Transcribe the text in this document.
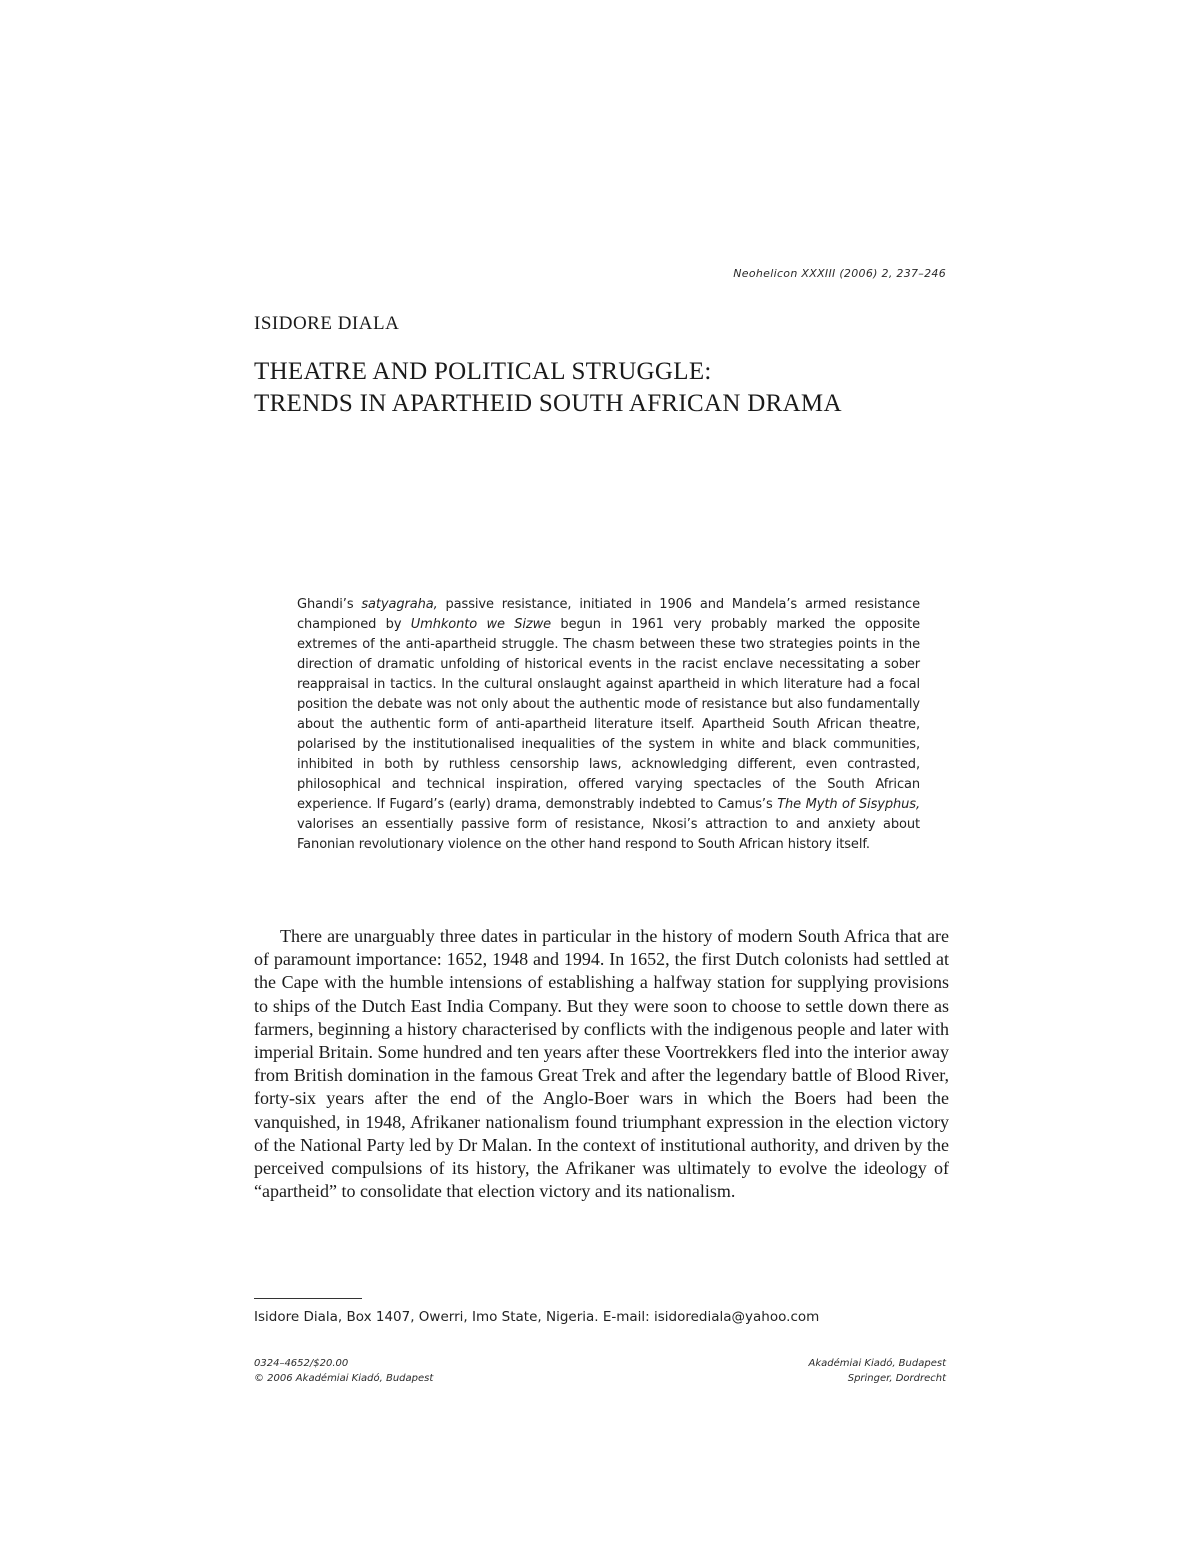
Neohelicon XXXIII (2006) 2, 237–246
ISIDORE DIALA
THEATRE AND POLITICAL STRUGGLE:
TRENDS IN APARTHEID SOUTH AFRICAN DRAMA
Ghandi’s satyagraha, passive resistance, initiated in 1906 and Mandela’s armed resistance championed by Umhkonto we Sizwe begun in 1961 very probably marked the opposite extremes of the anti-apartheid struggle. The chasm between these two strategies points in the direction of dramatic unfolding of historical events in the racist enclave necessitating a sober reappraisal in tactics. In the cultural onslaught against apartheid in which literature had a focal position the debate was not only about the authentic mode of resistance but also fundamentally about the authentic form of anti-apartheid literature itself. Apartheid South African theatre, polarised by the institutionalised inequalities of the system in white and black communities, inhibited in both by ruthless censorship laws, acknowledging different, even contrasted, philosophical and technical inspiration, offered varying spectacles of the South African experience. If Fugard’s (early) drama, demonstrably indebted to Camus’s The Myth of Sisyphus, valorises an essentially passive form of resistance, Nkosi’s attraction to and anxiety about Fanonian revolutionary violence on the other hand respond to South African history itself.

There are unarguably three dates in particular in the history of modern South Africa that are of paramount importance: 1652, 1948 and 1994. In 1652, the first Dutch colonists had settled at the Cape with the humble intensions of establishing a halfway station for supplying provisions to ships of the Dutch East India Company. But they were soon to choose to settle down there as farmers, beginning a history characterised by conflicts with the indigenous people and later with imperial Britain. Some hundred and ten years after these Voortrekkers fled into the interior away from British domination in the famous Great Trek and after the legendary battle of Blood River, forty-six years after the end of the Anglo-Boer wars in which the Boers had been the vanquished, in 1948, Afrikaner nationalism found triumphant expression in the election victory of the National Party led by Dr Malan. In the context of institutional authority, and driven by the perceived compulsions of its history, the Afrikaner was ultimately to evolve the ideology of “apartheid” to consolidate that election victory and its nationalism.

Isidore Diala, Box 1407, Owerri, Imo State, Nigeria. E-mail: isidorediala@yahoo.com
0324–4652/$20.00
© 2006 Akadémiai Kiadó, Budapest
Akadémiai Kiadó, Budapest
Springer, Dordrecht
